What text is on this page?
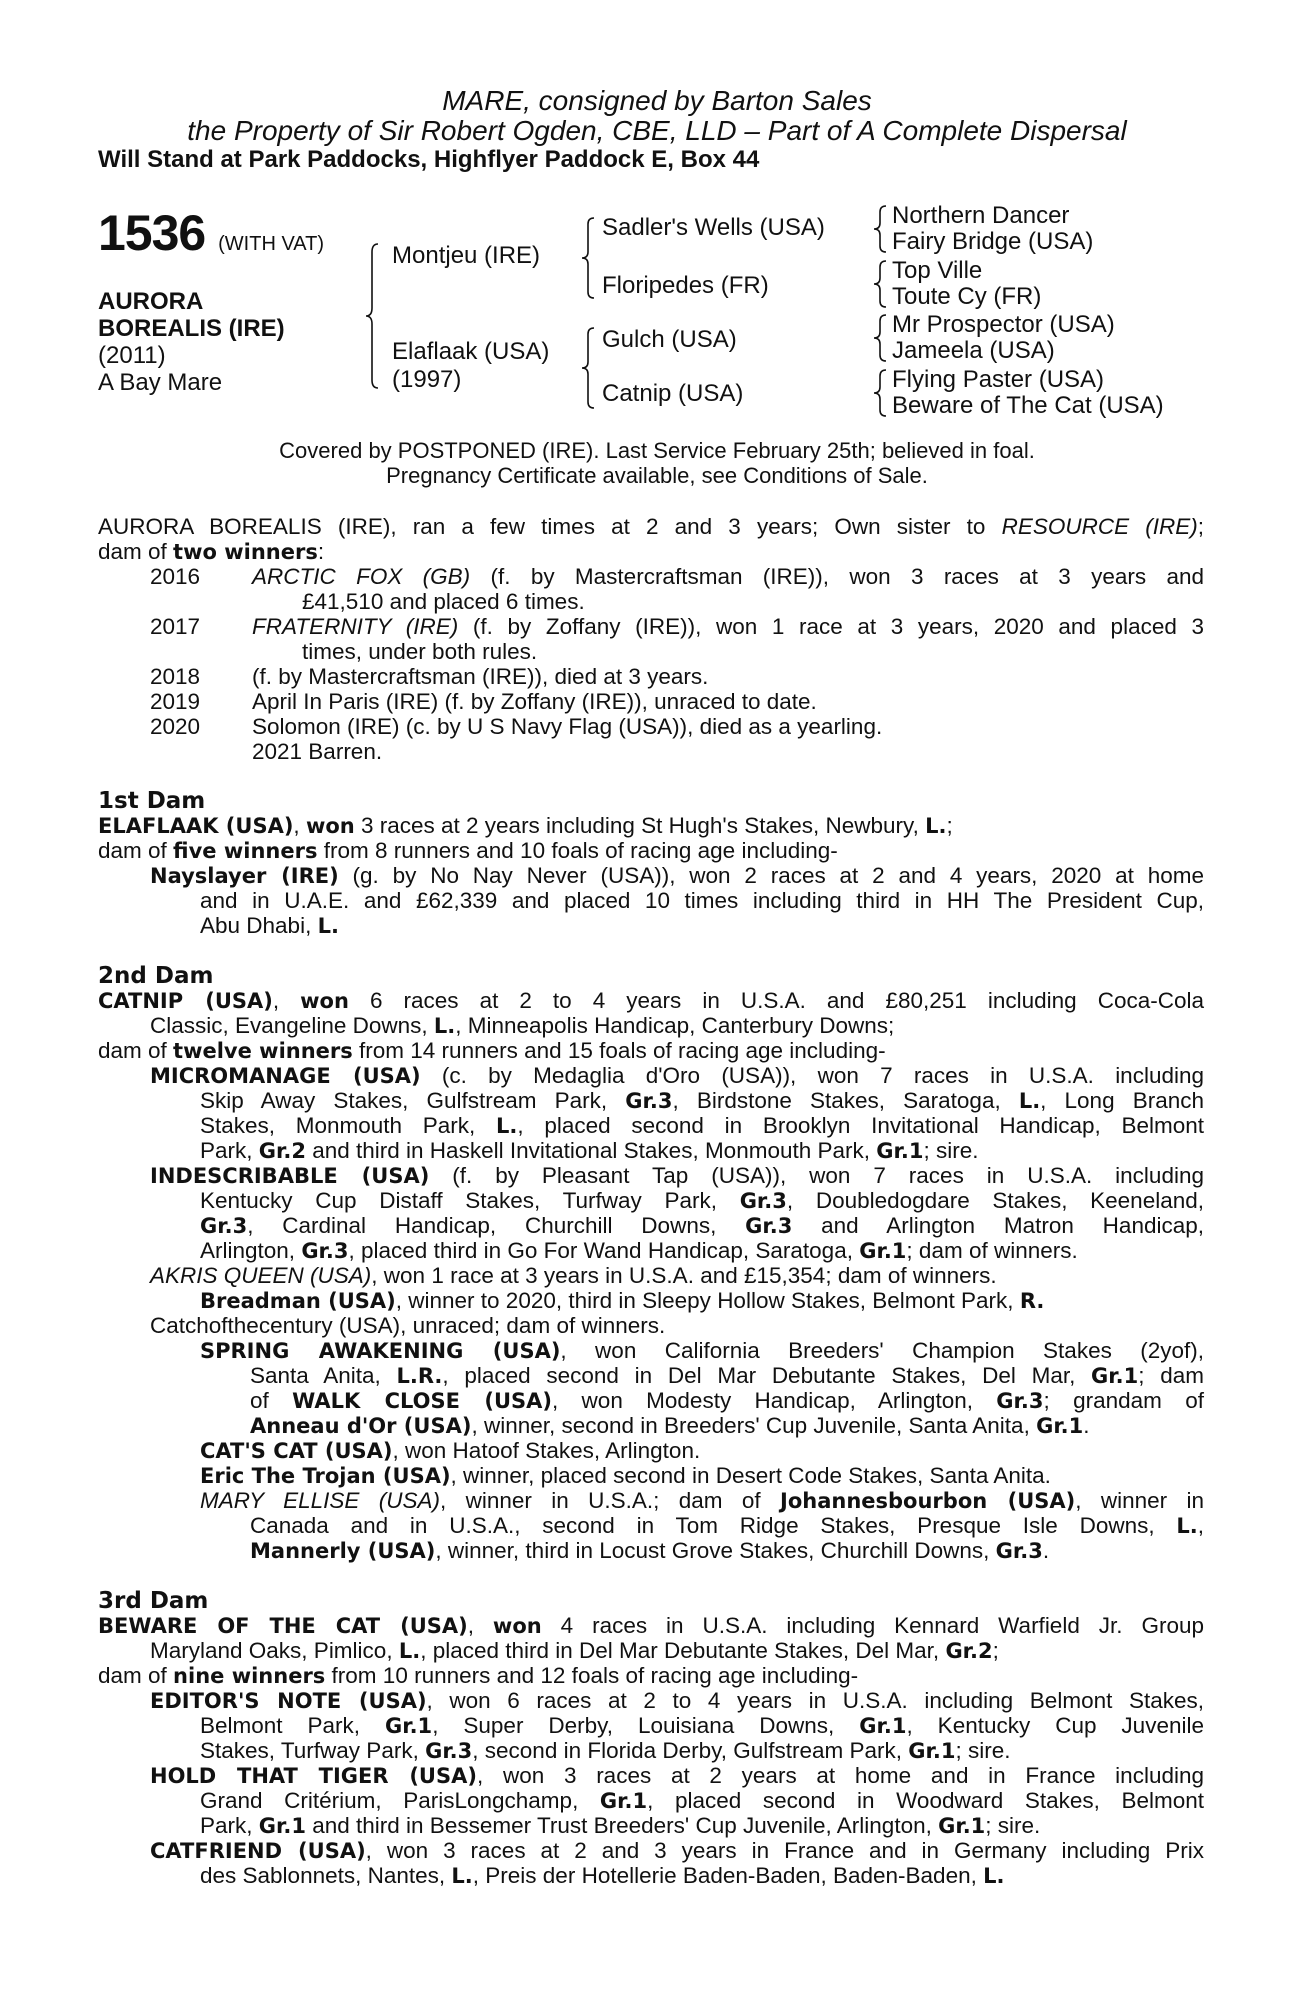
MARE, consigned by Barton Sales
the Property of Sir Robert Ogden, CBE, LLD – Part of A Complete Dispersal
Will Stand at Park Paddocks, Highflyer Paddock E, Box 44
1536 (WITH VAT)
AURORA
BOREALIS (IRE)
(2011)
A Bay Mare
Montjeu (IRE)
Elaflaak (USA)
(1997)
Sadler's Wells (USA)
Floripedes (FR)
Gulch (USA)
Catnip (USA)
Northern Dancer
Fairy Bridge (USA)
Top Ville
Toute Cy (FR)
Mr Prospector (USA)
Jameela (USA)
Flying Paster (USA)
Beware of The Cat (USA)
Covered by POSTPONED (IRE). Last Service February 25th; believed in foal.
Pregnancy Certificate available, see Conditions of Sale.
AURORA BOREALIS (IRE), ran a few times at 2 and 3 years; Own sister to RESOURCE (IRE);
dam of two winners:
2016 ARCTIC FOX (GB) (f. by Mastercraftsman (IRE)), won 3 races at 3 years and
£41,510 and placed 6 times.
2017 FRATERNITY (IRE) (f. by Zoffany (IRE)), won 1 race at 3 years, 2020 and placed 3
times, under both rules.
2018 (f. by Mastercraftsman (IRE)), died at 3 years.
2019 April In Paris (IRE) (f. by Zoffany (IRE)), unraced to date.
2020 Solomon (IRE) (c. by U S Navy Flag (USA)), died as a yearling.
2021 Barren.
1st Dam
ELAFLAAK (USA), won 3 races at 2 years including St Hugh's Stakes, Newbury, L.;
dam of five winners from 8 runners and 10 foals of racing age including-
Nayslayer (IRE) (g. by No Nay Never (USA)), won 2 races at 2 and 4 years, 2020 at home
and in U.A.E. and £62,339 and placed 10 times including third in HH The President Cup,
Abu Dhabi, L.
2nd Dam
CATNIP (USA), won 6 races at 2 to 4 years in U.S.A. and £80,251 including Coca-Cola
Classic, Evangeline Downs, L., Minneapolis Handicap, Canterbury Downs;
dam of twelve winners from 14 runners and 15 foals of racing age including-
MICROMANAGE (USA) (c. by Medaglia d'Oro (USA)), won 7 races in U.S.A. including
Skip Away Stakes, Gulfstream Park, Gr.3, Birdstone Stakes, Saratoga, L., Long Branch
Stakes, Monmouth Park, L., placed second in Brooklyn Invitational Handicap, Belmont
Park, Gr.2 and third in Haskell Invitational Stakes, Monmouth Park, Gr.1; sire.
INDESCRIBABLE (USA) (f. by Pleasant Tap (USA)), won 7 races in U.S.A. including
Kentucky Cup Distaff Stakes, Turfway Park, Gr.3, Doubledogdare Stakes, Keeneland,
Gr.3, Cardinal Handicap, Churchill Downs, Gr.3 and Arlington Matron Handicap,
Arlington, Gr.3, placed third in Go For Wand Handicap, Saratoga, Gr.1; dam of winners.
AKRIS QUEEN (USA), won 1 race at 3 years in U.S.A. and £15,354; dam of winners.
Breadman (USA), winner to 2020, third in Sleepy Hollow Stakes, Belmont Park, R.
Catchofthecentury (USA), unraced; dam of winners.
SPRING AWAKENING (USA), won California Breeders' Champion Stakes (2yof),
Santa Anita, L.R., placed second in Del Mar Debutante Stakes, Del Mar, Gr.1; dam
of WALK CLOSE (USA), won Modesty Handicap, Arlington, Gr.3; grandam of
Anneau d'Or (USA), winner, second in Breeders' Cup Juvenile, Santa Anita, Gr.1.
CAT'S CAT (USA), won Hatoof Stakes, Arlington.
Eric The Trojan (USA), winner, placed second in Desert Code Stakes, Santa Anita.
MARY ELLISE (USA), winner in U.S.A.; dam of Johannesbourbon (USA), winner in
Canada and in U.S.A., second in Tom Ridge Stakes, Presque Isle Downs, L.,
Mannerly (USA), winner, third in Locust Grove Stakes, Churchill Downs, Gr.3.
3rd Dam
BEWARE OF THE CAT (USA), won 4 races in U.S.A. including Kennard Warfield Jr. Group
Maryland Oaks, Pimlico, L., placed third in Del Mar Debutante Stakes, Del Mar, Gr.2;
dam of nine winners from 10 runners and 12 foals of racing age including-
EDITOR'S NOTE (USA), won 6 races at 2 to 4 years in U.S.A. including Belmont Stakes,
Belmont Park, Gr.1, Super Derby, Louisiana Downs, Gr.1, Kentucky Cup Juvenile
Stakes, Turfway Park, Gr.3, second in Florida Derby, Gulfstream Park, Gr.1; sire.
HOLD THAT TIGER (USA), won 3 races at 2 years at home and in France including
Grand Critérium, ParisLongchamp, Gr.1, placed second in Woodward Stakes, Belmont
Park, Gr.1 and third in Bessemer Trust Breeders' Cup Juvenile, Arlington, Gr.1; sire.
CATFRIEND (USA), won 3 races at 2 and 3 years in France and in Germany including Prix
des Sablonnets, Nantes, L., Preis der Hotellerie Baden-Baden, Baden-Baden, L.
